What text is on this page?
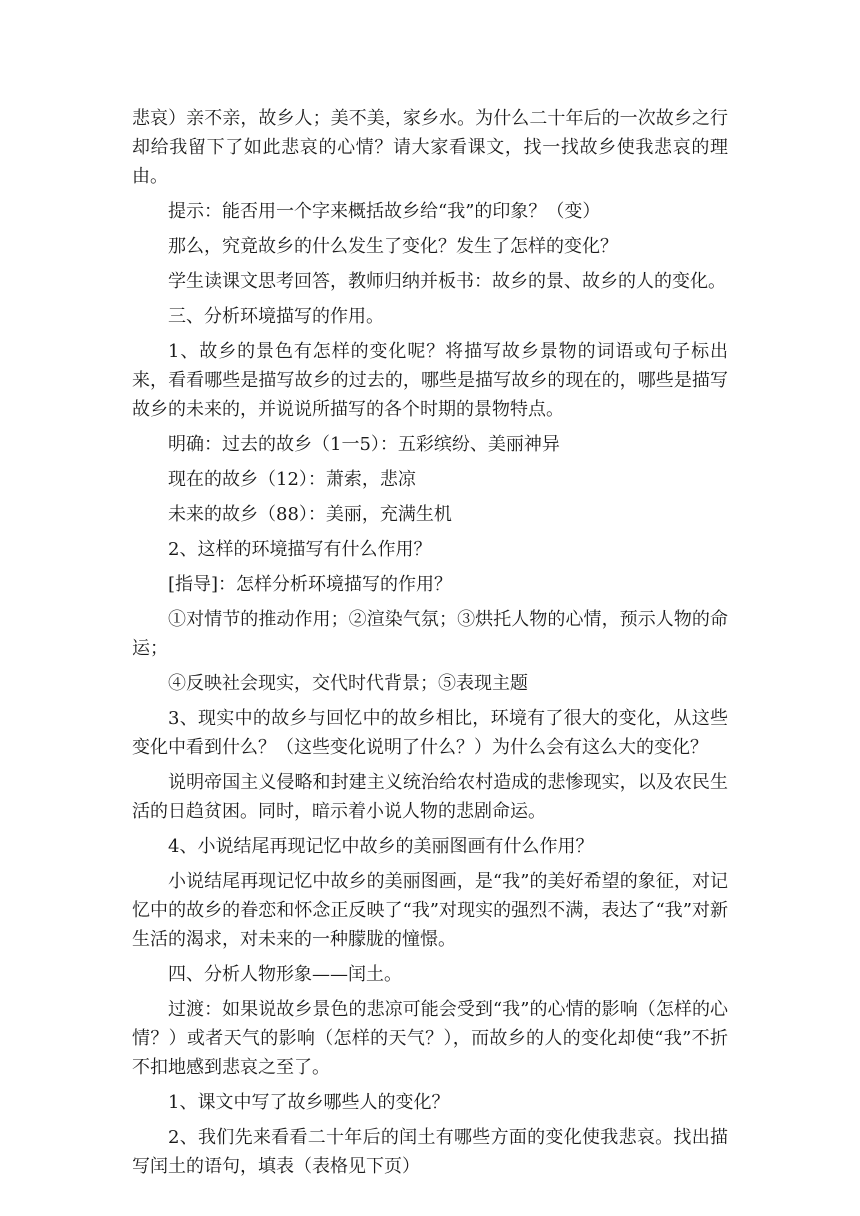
悲哀）亲不亲，故乡人；美不美，家乡水。为什么二十年后的一次故乡之行却给我留下了如此悲哀的心情？请大家看课文，找一找故乡使我悲哀的理由。

提示：能否用一个字来概括故乡给“我”的印象？（变）

那么，究竟故乡的什么发生了变化？发生了怎样的变化？

学生读课文思考回答，教师归纳并板书：故乡的景、故乡的人的变化。

三、分析环境描写的作用。

1、故乡的景色有怎样的变化呢？将描写故乡景物的词语或句子标出来，看看哪些是描写故乡的过去的，哪些是描写故乡的现在的，哪些是描写故乡的未来的，并说说所描写的各个时期的景物特点。

明确：过去的故乡（1一5）：五彩缤纷、美丽神异

现在的故乡（12）：萧索，悲凉

未来的故乡（88）：美丽，充满生机

2、这样的环境描写有什么作用？

[指导]：怎样分析环境描写的作用？

①对情节的推动作用；②渲染气氛；③烘托人物的心情，预示人物的命运；

④反映社会现实，交代时代背景；⑤表现主题

3、现实中的故乡与回忆中的故乡相比，环境有了很大的变化，从这些变化中看到什么？（这些变化说明了什么？）为什么会有这么大的变化？

说明帝国主义侵略和封建主义统治给农村造成的悲惨现实，以及农民生活的日趋贫困。同时，暗示着小说人物的悲剧命运。

4、小说结尾再现记忆中故乡的美丽图画有什么作用？

小说结尾再现记忆中故乡的美丽图画，是“我”的美好希望的象征，对记忆中的故乡的眷恋和怀念正反映了“我”对现实的强烈不满，表达了“我”对新生活的渴求，对未来的一种朦胧的憧憬。

四、分析人物形象——闰土。

过渡：如果说故乡景色的悲凉可能会受到“我”的心情的影响（怎样的心情？）或者天气的影响（怎样的天气？），而故乡的人的变化却使“我”不折不扣地感到悲哀之至了。

1、课文中写了故乡哪些人的变化？

2、我们先来看看二十年后的闰土有哪些方面的变化使我悲哀。找出描写闰土的语句，填表（表格见下页）
